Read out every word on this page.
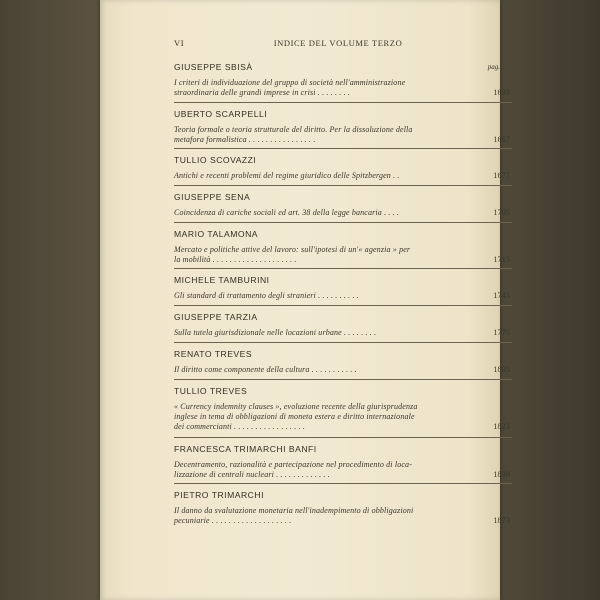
VI	INDICE DEL VOLUME TERZO
GIUSEPPE SBISÀ	pag.
I criteri di individuazione del gruppo di società nell'amministrazione
straordinaria delle grandi imprese in crisi . . . . . . . .	1639
UBERTO SCARPELLI
Teoria formale o teoria strutturale del diritto. Per la dissoluzione della
metafora formalistica . . . . . . . . . . . . . . . .	1667
TULLIO SCOVAZZI
Antichi e recenti problemi del regime giuridico delle Spitzbergen . .	1677
GIUSEPPE SENA
Coincidenza di cariche sociali ed art. 38 della legge bancaria . . . .	1705
MARIO TALAMONA
Mercato e politiche attive del lavoro: sull'ipotesi di un'« agenzia » per
la mobilità . . . . . . . . . . . . . . . . . . . .	1715
MICHELE TAMBURINI
Gli standard di trattamento degli stranieri . . . . . . . . . .	1745
GIUSEPPE TARZIA
Sulla tutela giurisdizionale nelle locazioni urbane . . . . . . . .	1775
RENATO TREVES
Il diritto come componente della cultura . . . . . . . . . . .	1805
TULLIO TREVES
« Currency indemnity clauses », evoluzione recente della giurisprudenza
inglese in tema di obbligazioni di moneta estera e diritto internazionale
dei commercianti . . . . . . . . . . . . . . . . .	1823
FRANCESCA TRIMARCHI BANFI
Decentramento, razionalità e partecipazione nel procedimento di loca-
lizzazione di centrali nucleari . . . . . . . . . . . . .	1839
PIETRO TRIMARCHI
Il danno da svalutazione monetaria nell'inadempimento di obbligazioni
pecuniarie . . . . . . . . . . . . . . . . . . .	1873
